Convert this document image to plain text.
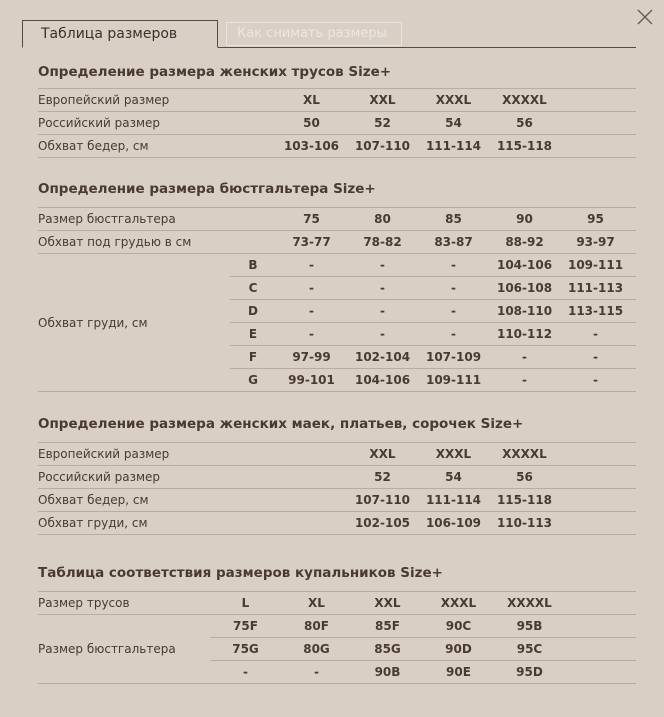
Таблица размеров	Как снимать размеры
Определение размера женских трусов Size+
Европейский размер	XL	XXL	XXXL	XXXXL	
Российский размер	50	52	54	56	
Обхват бедер, см	103-106	107-110	111-114	115-118	
Определение размера бюстгальтера Size+
Размер бюстгальтера		75	80	85	90	95	
Обхват под грудью в см		73-77	78-82	83-87	88-92	93-97	
Обхват груди, см	B	-	-	-	104-106	109-111	
	C	-	-	-	106-108	111-113	
	D	-	-	-	108-110	113-115	
	E	-	-	-	110-112	-	
	F	97-99	102-104	107-109	-	-	
	G	99-101	104-106	109-111	-	-	
Определение размера женских маек, платьев, сорочек Size+
Европейский размер	XXL	XXXL	XXXXL	
Российский размер	52	54	56	
Обхват бедер, см	107-110	111-114	115-118	
Обхват груди, см	102-105	106-109	110-113	
Таблица соответствия размеров купальников Size+
Размер трусов	L	XL	XXL	XXXL	XXXXL	
Размер бюстгальтера	75F	80F	85F	90C	95B	
	75G	80G	85G	90D	95C	
	-	-	90B	90E	95D	
